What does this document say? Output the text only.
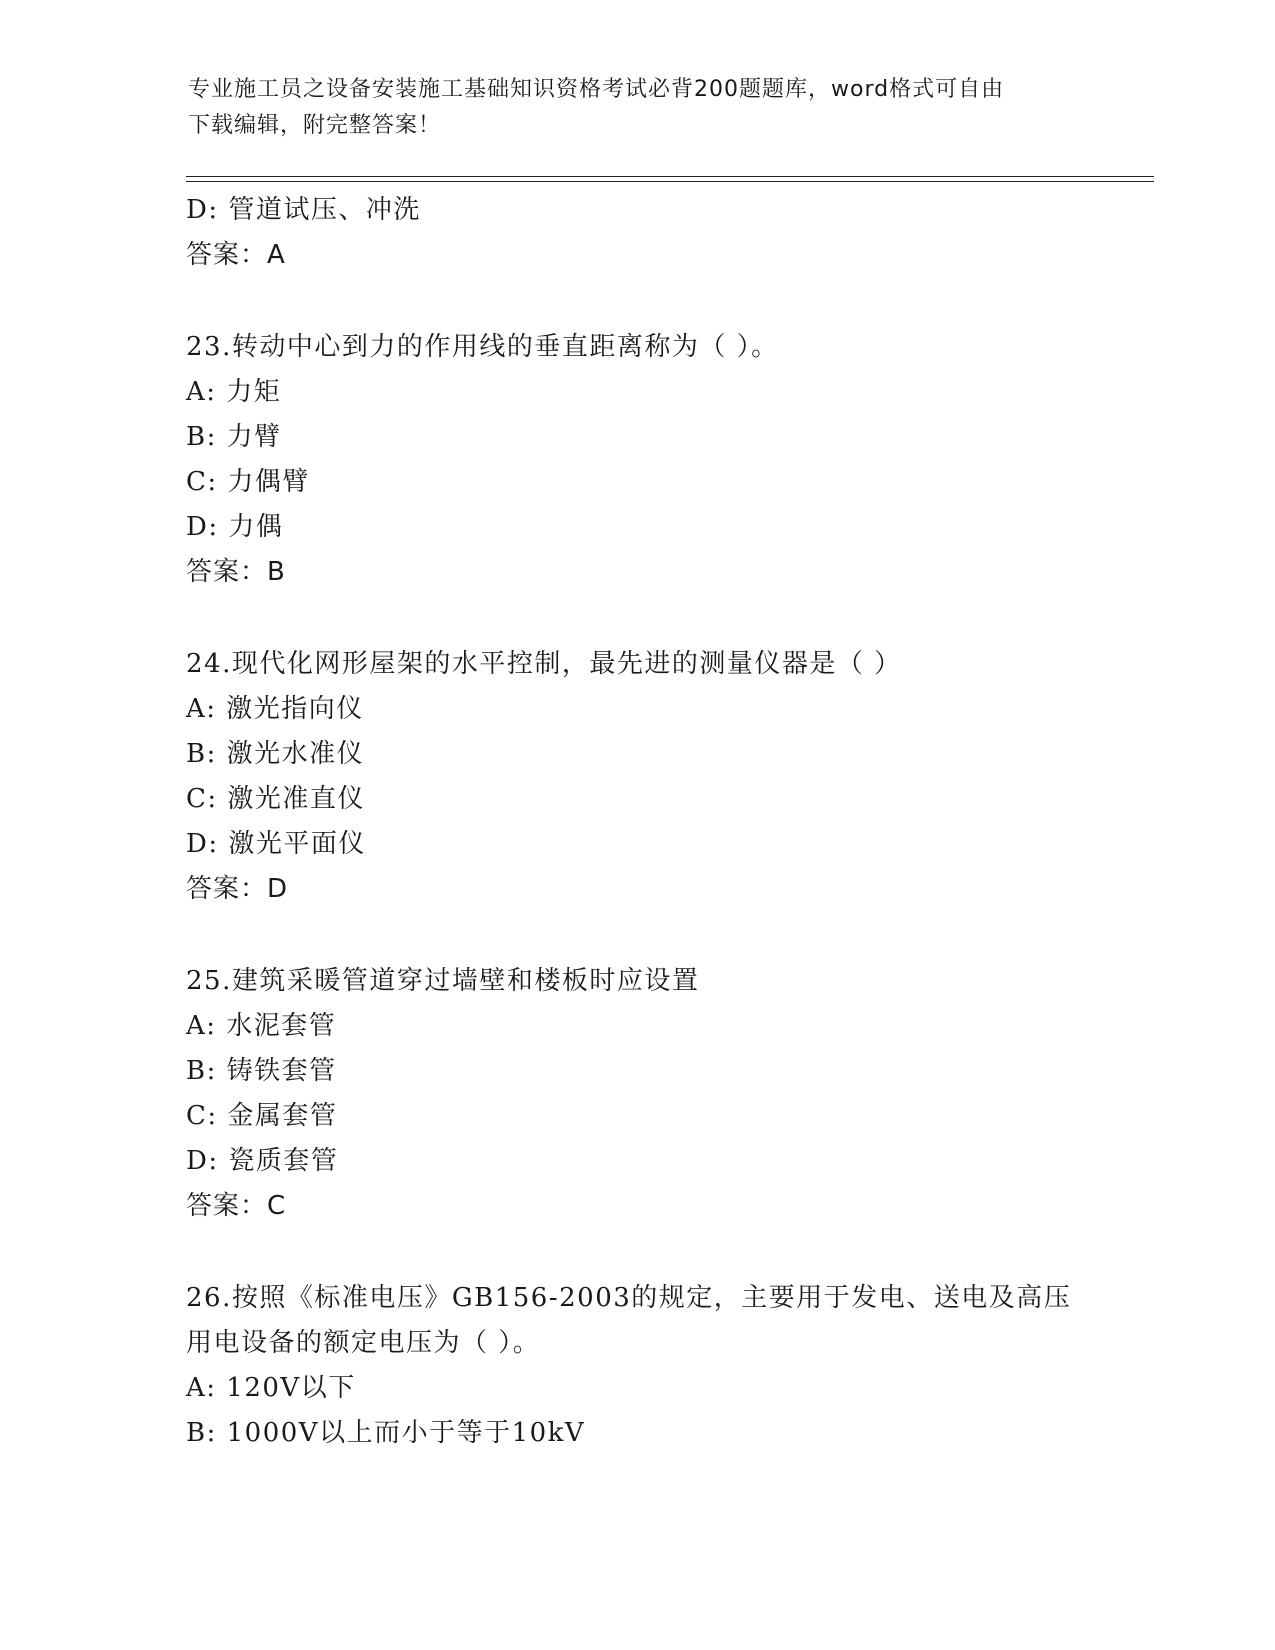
专业施工员之设备安装施工基础知识资格考试必背200题题库，word格式可自由
下载编辑，附完整答案！
D: 管道试压、冲洗
答案：A
23.转动中心到力的作用线的垂直距离称为（ ）。
A: 力矩
B: 力臂
C: 力偶臂
D: 力偶
答案：B
24.现代化网形屋架的水平控制，最先进的测量仪器是（ ）
A: 激光指向仪
B: 激光水准仪
C: 激光准直仪
D: 激光平面仪
答案：D
25.建筑采暖管道穿过墙壁和楼板时应设置
A: 水泥套管
B: 铸铁套管
C: 金属套管
D: 瓷质套管
答案：C
26.按照《标准电压》GB156-2003的规定，主要用于发电、送电及高压
用电设备的额定电压为（ ）。
A: 120V以下
B: 1000V以上而小于等于10kV
